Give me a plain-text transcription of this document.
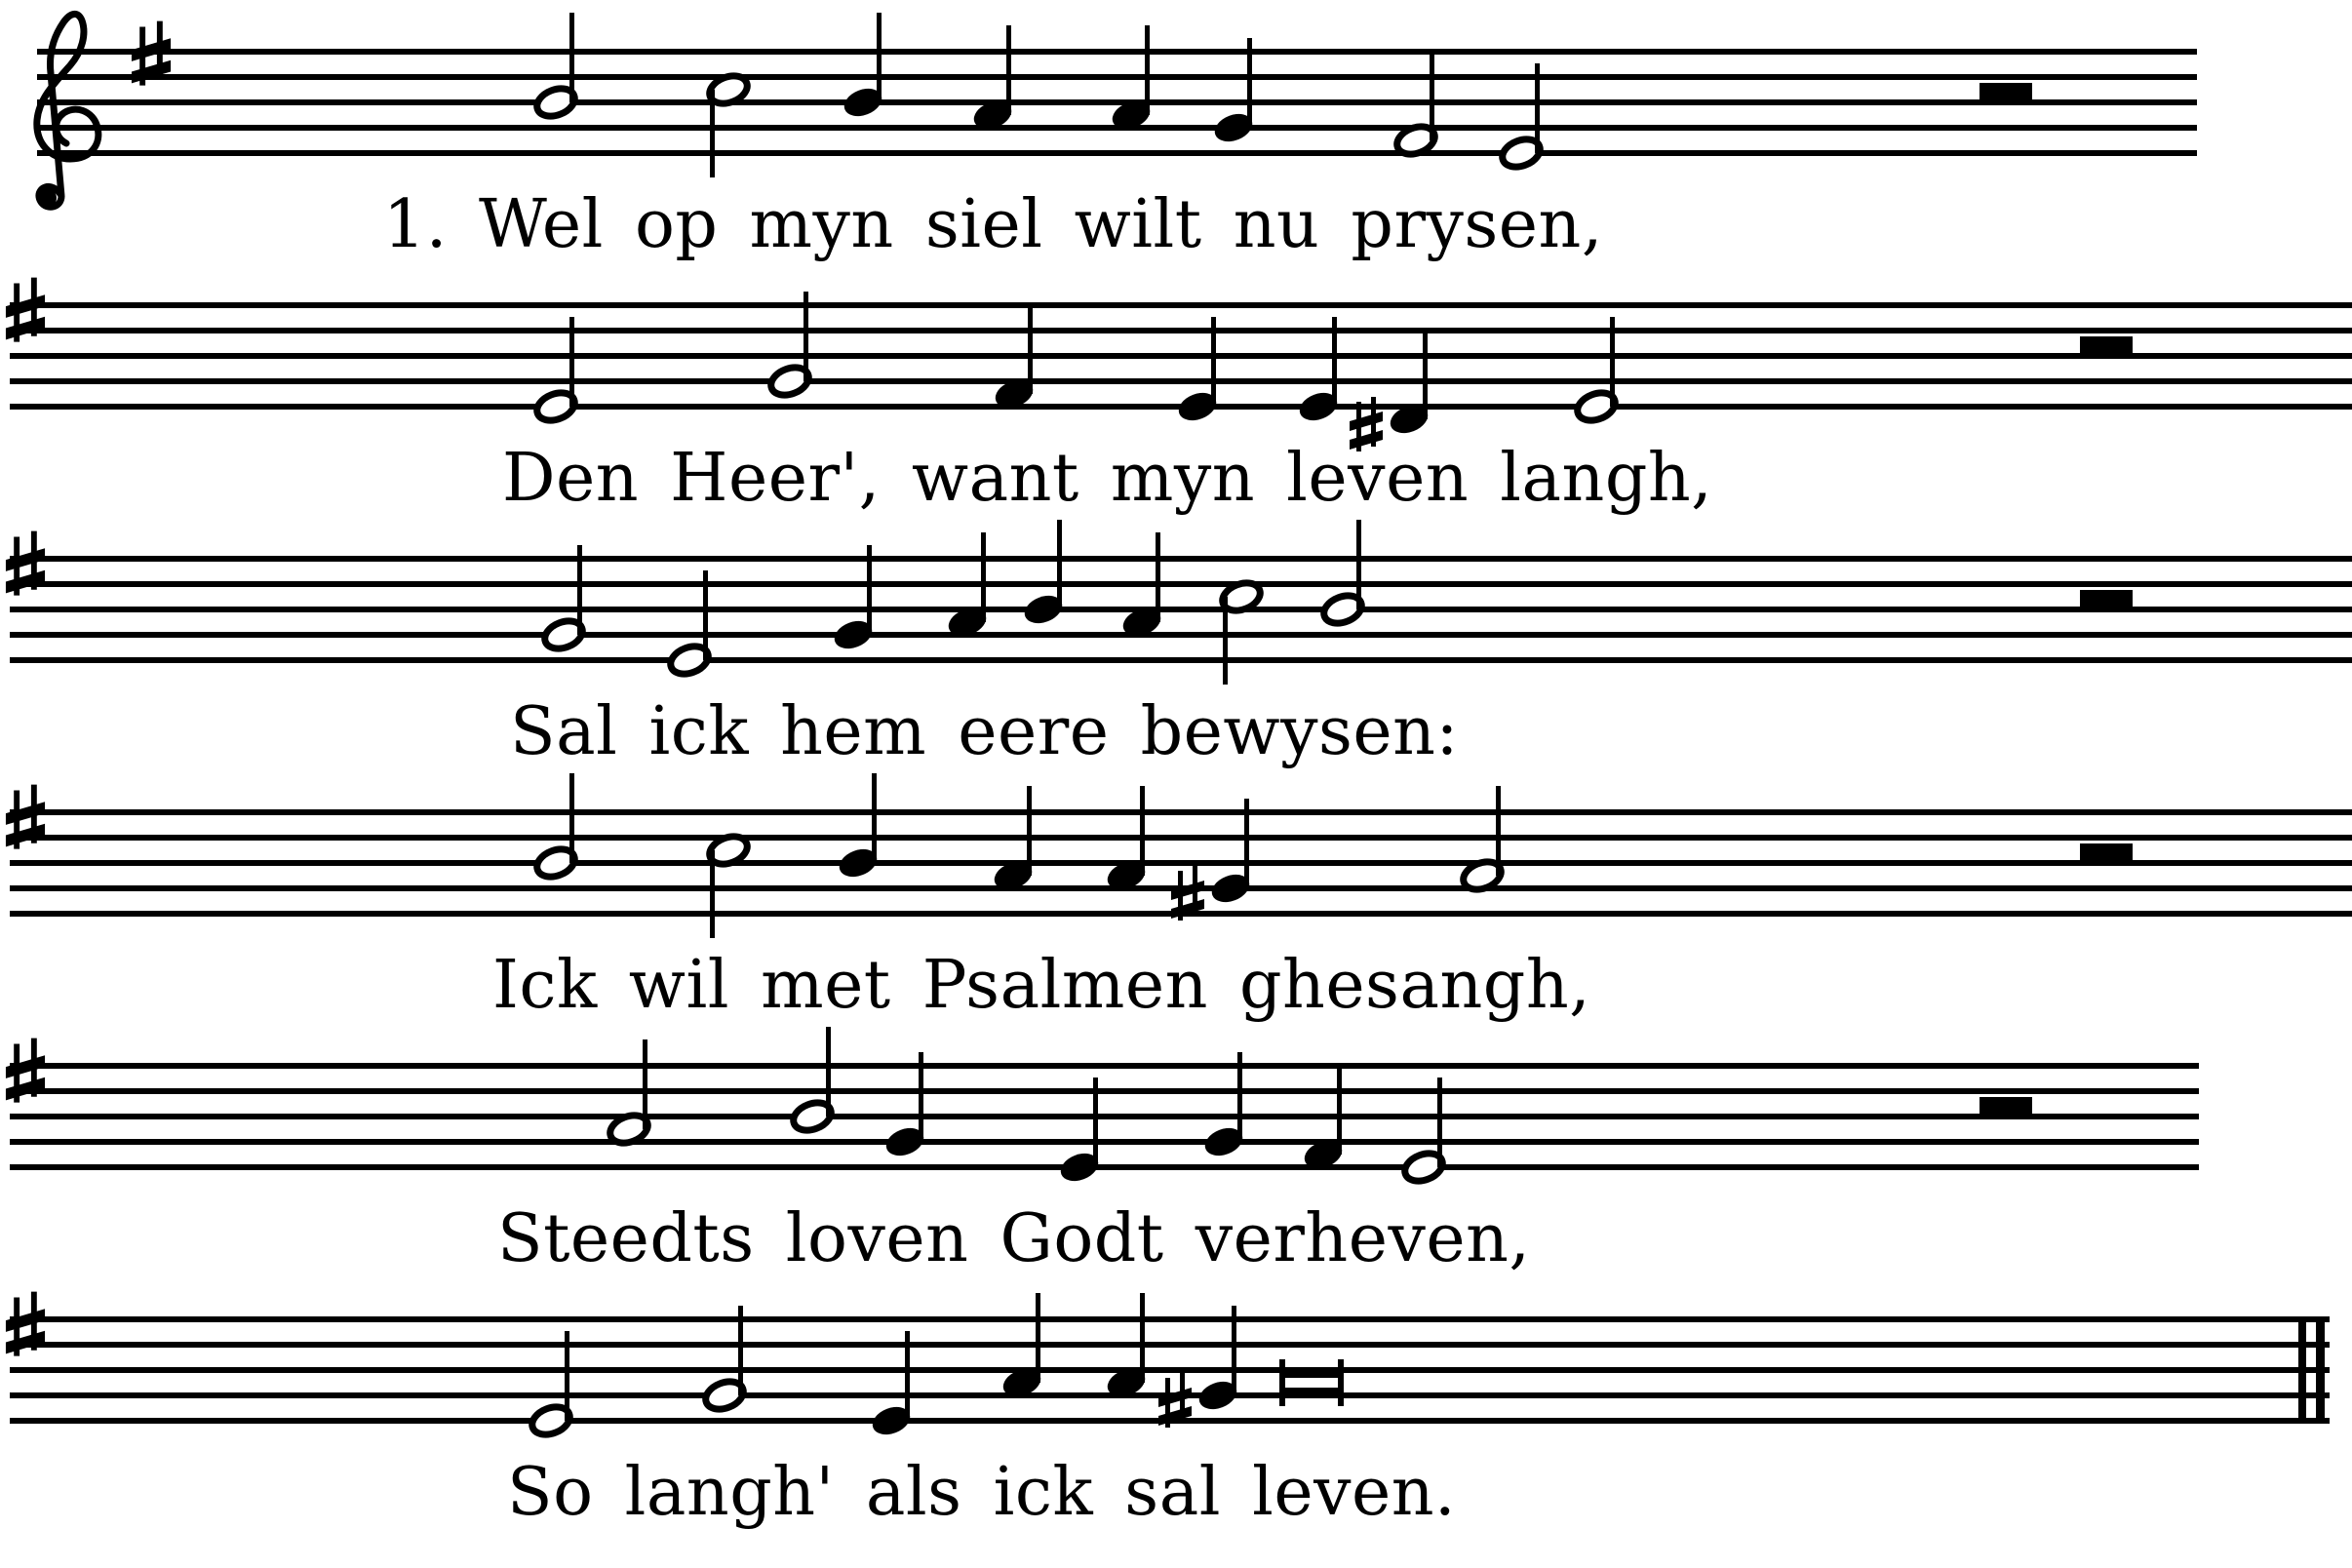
1. Wel op myn siel wilt nu prysen,
Den Heer', want myn leven langh,
Sal ick hem eere bewysen:
Ick wil met Psalmen ghesangh,
Steedts loven Godt verheven,
So langh' als ick sal leven.
